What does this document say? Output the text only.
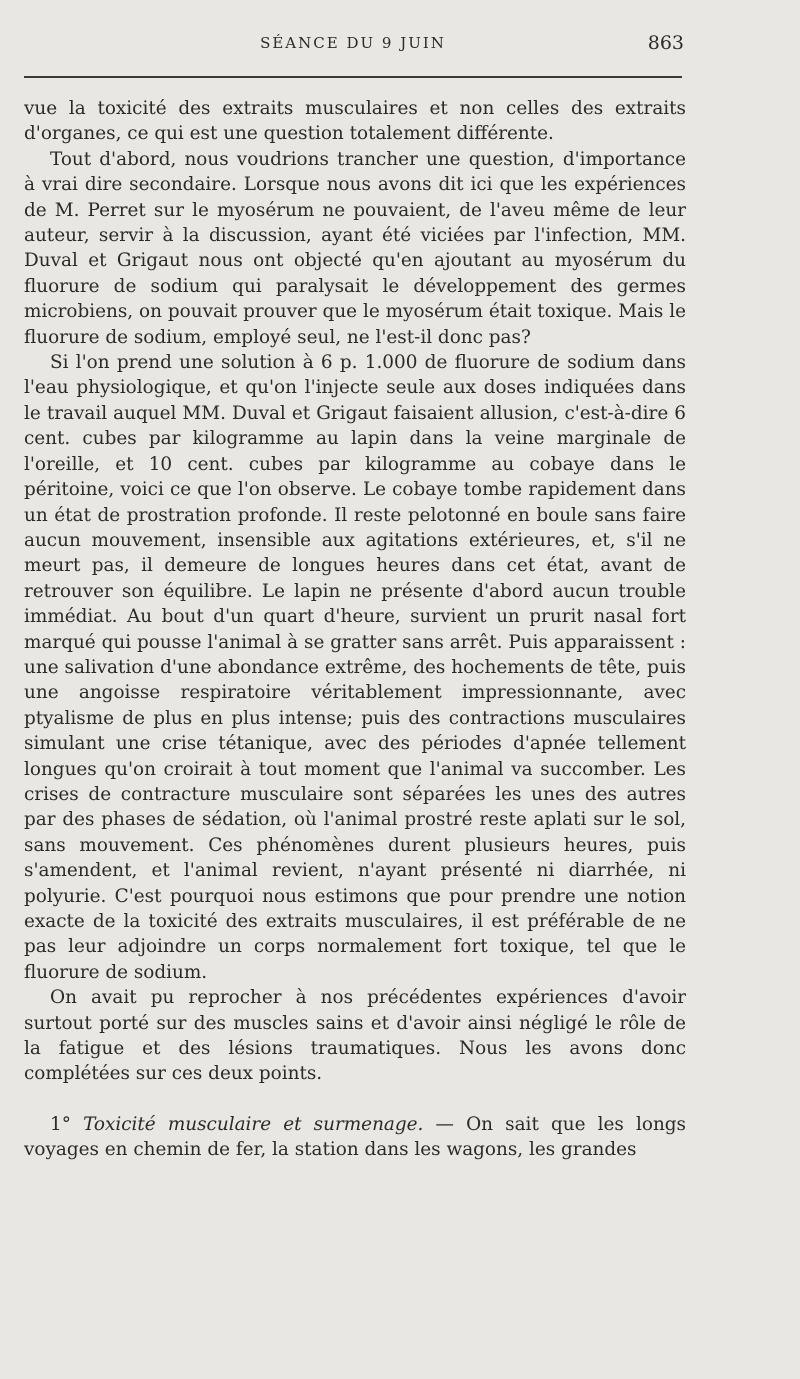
SÉANCE DU 9 JUIN	863

vue la toxicité des extraits musculaires et non celles des extraits d'organes, ce qui est une question totalement différente.

Tout d'abord, nous voudrions trancher une question, d'importance à vrai dire secondaire. Lorsque nous avons dit ici que les expériences de M. Perret sur le myosérum ne pouvaient, de l'aveu même de leur auteur, servir à la discussion, ayant été viciées par l'infection, MM. Duval et Grigaut nous ont objecté qu'en ajoutant au myosérum du fluorure de sodium qui paralysait le développement des germes microbiens, on pouvait prouver que le myosérum était toxique. Mais le fluorure de sodium, employé seul, ne l'est-il donc pas?

Si l'on prend une solution à 6 p. 1.000 de fluorure de sodium dans l'eau physiologique, et qu'on l'injecte seule aux doses indiquées dans le travail auquel MM. Duval et Grigaut faisaient allusion, c'est-à-dire 6 cent. cubes par kilogramme au lapin dans la veine marginale de l'oreille, et 10 cent. cubes par kilogramme au cobaye dans le péritoine, voici ce que l'on observe. Le cobaye tombe rapidement dans un état de prostration profonde. Il reste pelotonné en boule sans faire aucun mouvement, insensible aux agitations extérieures, et, s'il ne meurt pas, il demeure de longues heures dans cet état, avant de retrouver son équilibre. Le lapin ne présente d'abord aucun trouble immédiat. Au bout d'un quart d'heure, survient un prurit nasal fort marqué qui pousse l'animal à se gratter sans arrêt. Puis apparaissent : une salivation d'une abondance extrême, des hochements de tête, puis une angoisse respiratoire véritablement impressionnante, avec ptyalisme de plus en plus intense; puis des contractions musculaires simulant une crise tétanique, avec des périodes d'apnée tellement longues qu'on croirait à tout moment que l'animal va succomber. Les crises de contracture musculaire sont séparées les unes des autres par des phases de sédation, où l'animal prostré reste aplati sur le sol, sans mouvement. Ces phénomènes durent plusieurs heures, puis s'amendent, et l'animal revient, n'ayant présenté ni diarrhée, ni polyurie. C'est pourquoi nous estimons que pour prendre une notion exacte de la toxicité des extraits musculaires, il est préférable de ne pas leur adjoindre un corps normalement fort toxique, tel que le fluorure de sodium.

On avait pu reprocher à nos précédentes expériences d'avoir surtout porté sur des muscles sains et d'avoir ainsi négligé le rôle de la fatigue et des lésions traumatiques. Nous les avons donc complétées sur ces deux points.

1° Toxicité musculaire et surmenage. — On sait que les longs voyages en chemin de fer, la station dans les wagons, les grandes
